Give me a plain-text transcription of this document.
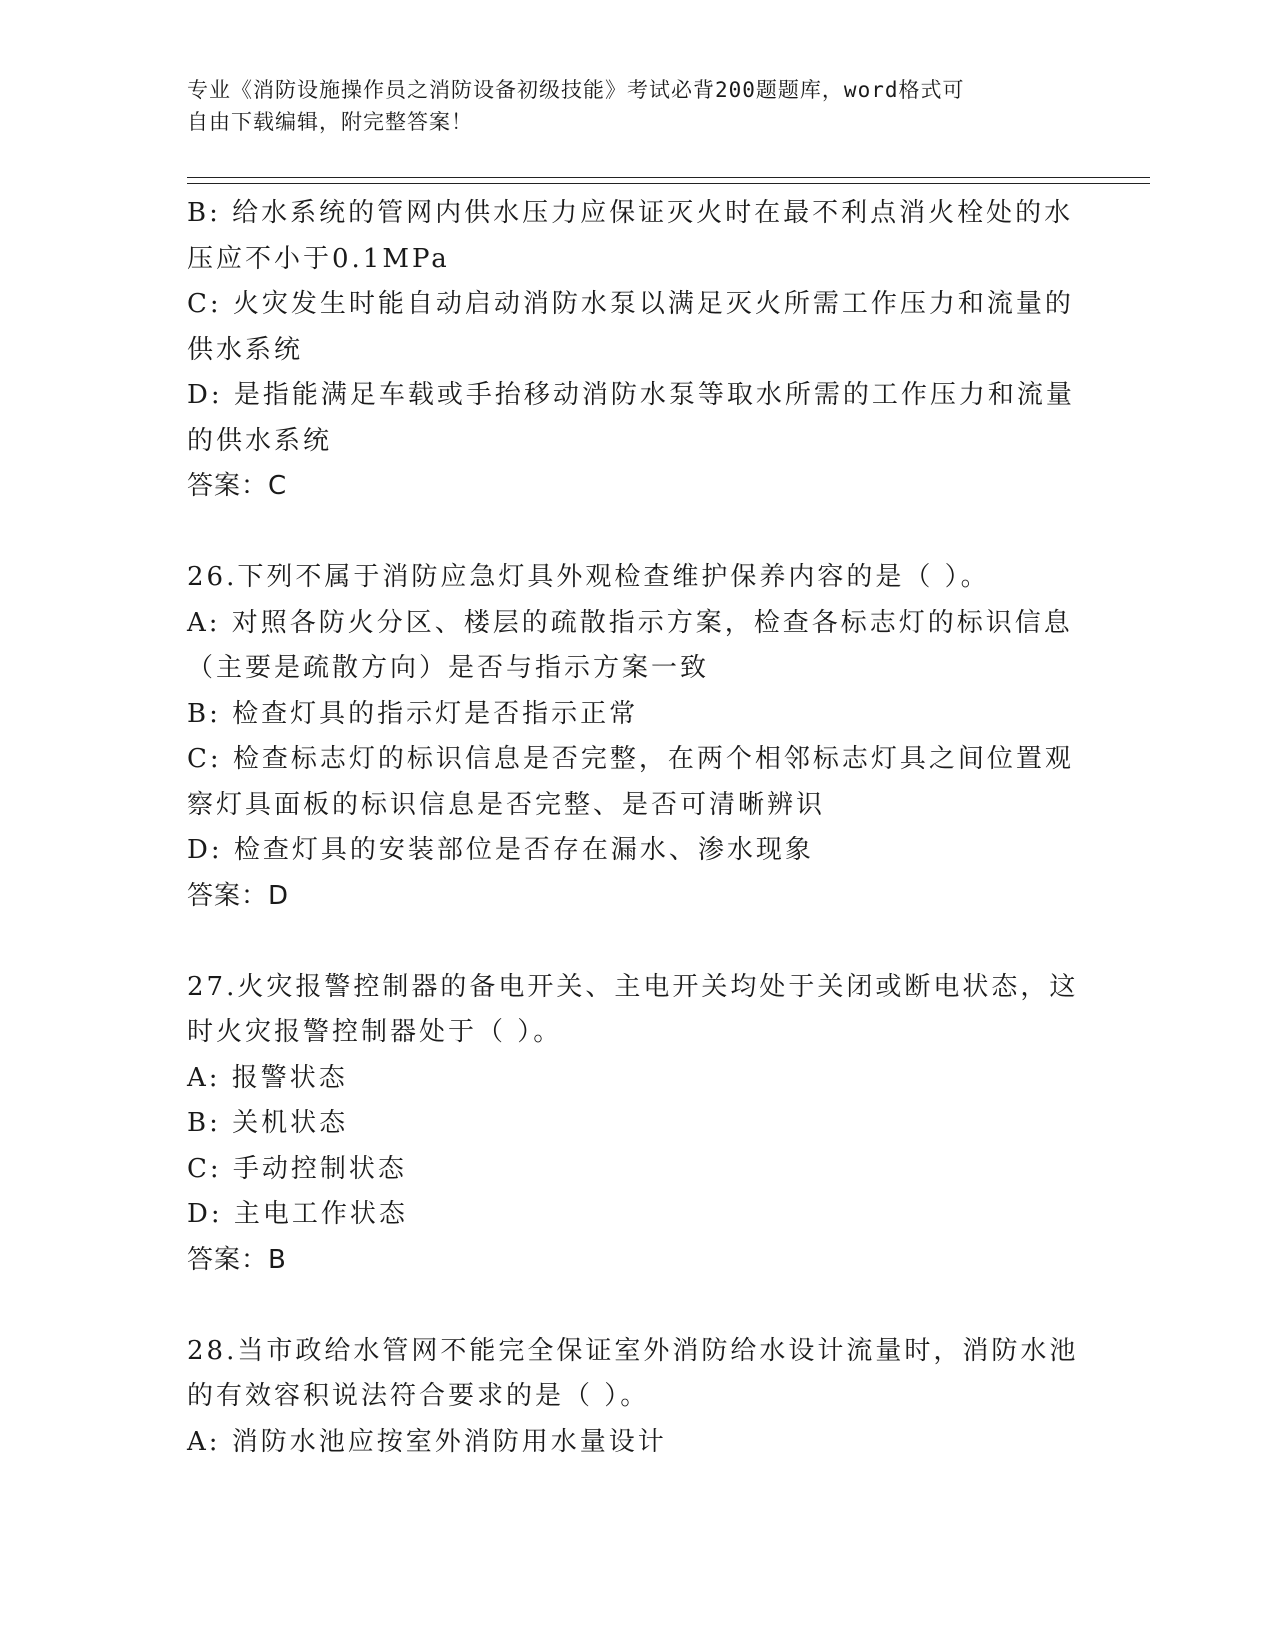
专业《消防设施操作员之消防设备初级技能》考试必背200题题库，word格式可
自由下载编辑，附完整答案！
B: 给水系统的管网内供水压力应保证灭火时在最不利点消火栓处的水
压应不小于0.1MPa
C: 火灾发生时能自动启动消防水泵以满足灭火所需工作压力和流量的
供水系统
D: 是指能满足车载或手抬移动消防水泵等取水所需的工作压力和流量
的供水系统
答案：C
26.下列不属于消防应急灯具外观检查维护保养内容的是（ ）。
A: 对照各防火分区、楼层的疏散指示方案，检查各标志灯的标识信息
（主要是疏散方向）是否与指示方案一致
B: 检查灯具的指示灯是否指示正常
C: 检查标志灯的标识信息是否完整，在两个相邻标志灯具之间位置观
察灯具面板的标识信息是否完整、是否可清晰辨识
D: 检查灯具的安装部位是否存在漏水、渗水现象
答案：D
27.火灾报警控制器的备电开关、主电开关均处于关闭或断电状态，这
时火灾报警控制器处于（ ）。
A: 报警状态
B: 关机状态
C: 手动控制状态
D: 主电工作状态
答案：B
28.当市政给水管网不能完全保证室外消防给水设计流量时，消防水池
的有效容积说法符合要求的是（ ）。
A: 消防水池应按室外消防用水量设计
